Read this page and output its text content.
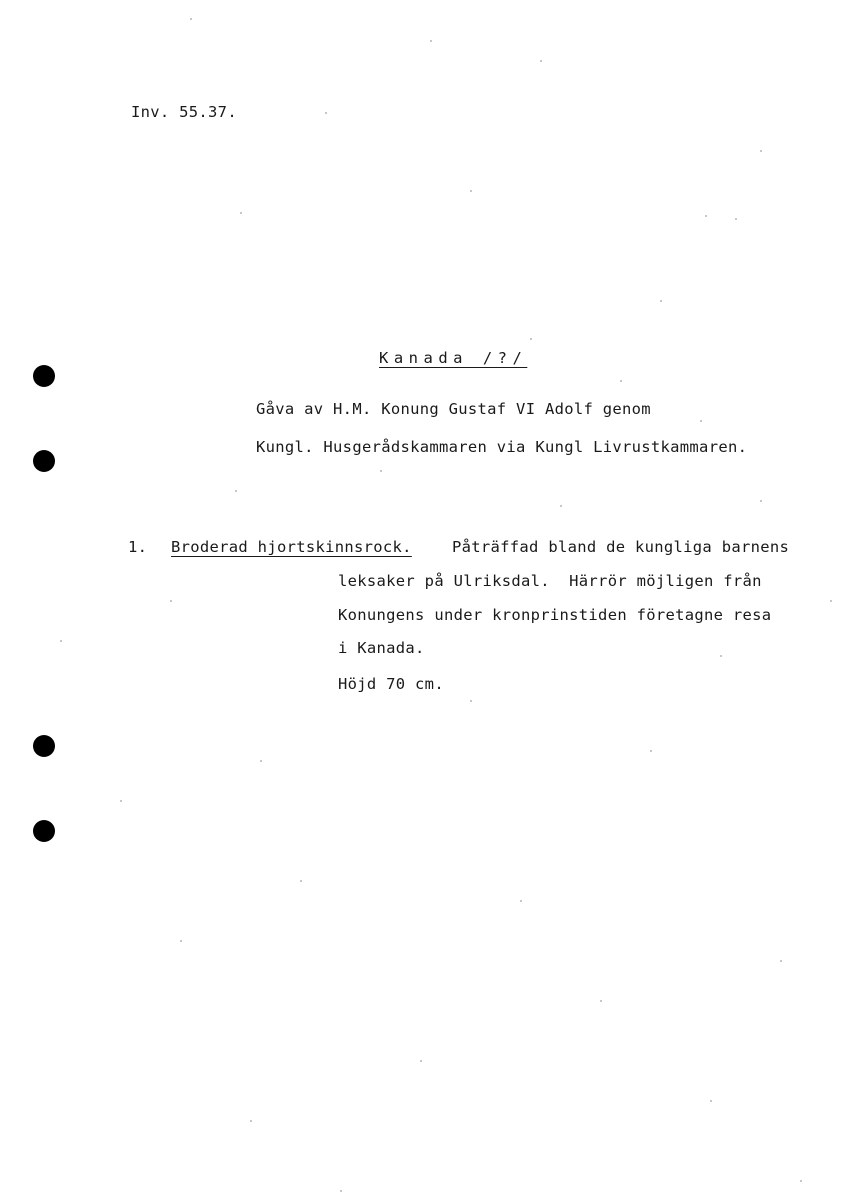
Inv. 55.37.
Kanada /?/
Gåva av H.M. Konung Gustaf VI Adolf genom
Kungl. Husgerådskammaren via Kungl Livrustkammaren.
1. Broderad hjortskinnsrock.	Påträffad bland de kungliga barnens
leksaker på Ulriksdal.  Härrör möjligen från
Konungens under kronprinstiden företagne resa
i Kanada.
Höjd 70 cm.
